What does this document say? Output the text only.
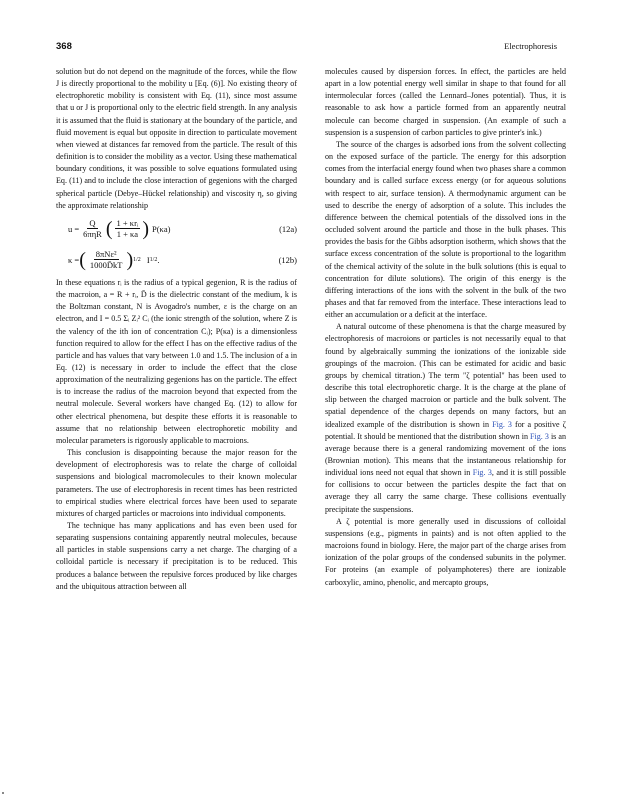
368	Electrophoresis

solution but do not depend on the magnitude of the forces, while the flow J is directly proportional to the mobility u [Eq. (6)]. No existing theory of electrophoretic mobility is consistent with Eq. (11), since most assume that u or J is proportional only to the electric field strength. In any analysis it is assumed that the fluid is stationary at the boundary of the particle, and fluid movement is equal but opposite in direction to particulate movement when viewed at distances far removed from the particle. The result of this definition is to consider the mobility as a vector. Using these mathematical boundary conditions, it was possible to solve equations formulated using Eq. (11) and to include the close interaction of gegenions with the charged spherical particle (Debye–Hückel relationship) and viscosity η, so giving the approximate relationship

$u = \frac{Q}{\text{6πηR}}$ ( $\frac{\text{1 + κrᵢ}}{1 + \kappa a}$ ) P(κa)	(12a)
κ = ( $\frac{\text{8πNε²}}{1000D̄kT}$ ) 1/2 I 1/2 .	(12b)

In these equations rᵢ is the radius of a typical gegenion, R is the radius of the macroion, a = R + rᵢ, D̄ is the dielectric constant of the medium, k is the Boltzman constant, N is Avogadro's number, ε is the charge on an electron, and I = 0.5 Σᵢ Zᵢ² Cᵢ (the ionic strength of the solution, where Z is the valency of the ith ion of concentration Cᵢ); P(κa) is a dimensionless function required to allow for the effect I has on the effective radius of the particle and has values that vary between 1.0 and 1.5. The inclusion of a in Eq. (12) is necessary in order to include the effect that the close approximation of the neutralizing gegenions has on the particle. The effect is to increase the radius of the macroion beyond that expected from the neutral molecule. Several workers have changed Eq. (12) to allow for other electrical phenomena, but despite these efforts it is reasonable to assume that no relationship between electrophoretic mobility and molecular parameters is rigorously applicable to macroions.

This conclusion is disappointing because the major reason for the development of electrophoresis was to relate the charge of colloidal suspensions and biological macromolecules to their known molecular parameters. The use of electrophoresis in recent times has been restricted to empirical studies where electrical forces have been used to separate mixtures of charged particles or macroions into individual components.

The technique has many applications and has even been used for separating suspensions containing apparently neutral molecules, because all particles in stable suspensions carry a net charge. The charging of a colloidal particle is necessary if precipitation is to be reduced. This produces a balance between the repulsive forces produced by like charges and the ubiquitous attraction between all

molecules caused by dispersion forces. In effect, the particles are held apart in a low potential energy well similar in shape to that found for all intermolecular forces (called the Lennard–Jones potential). Thus, it is reasonable to ask how a particle formed from an apparently neutral molecule can become charged in suspension. (An example of such a suspension is a suspension of carbon particles to give printer's ink.)

The source of the charges is adsorbed ions from the solvent collecting on the exposed surface of the particle. The energy for this adsorption comes from the interfacial energy found when two phases share a common boundary and is called surface excess energy (or for aqueous solutions with respect to air, surface tension). A thermodynamic argument can be used to describe the energy of adsorption of a solute. This includes the difference between the chemical potentials of the dissolved ions in the occluded solvent around the particle and those in the bulk phases. This provides the basis for the Gibbs adsorption isotherm, which shows that the surface excess concentration of the solute is proportional to the logarithm of the chemical activity of the solute in the bulk solutions (this is equal to concentration for dilute solutions). The origin of this energy is the differing interactions of the ions with the solvent in the bulk of the two phases and that far removed from the interface. These interactions lead to either an accumulation or a deficit at the interface.

A natural outcome of these phenomena is that the charge measured by electrophoresis of macroions or particles is not necessarily equal to that found by algebraically summing the ionizations of the ionizable side groupings of the macroion. (This can be estimated for acidic and basic groups by chemical titration.) The term "ζ potential" has been used to describe this total electrophoretic charge. It is the charge at the plane of slip between the charged macroion or particle and the bulk solvent. The spatial dependence of the charges depends on many factors, but an idealized example of the distribution is shown in Fig. 3 for a positive ζ potential. It should be mentioned that the distribution shown in Fig. 3 is an average because there is a general randomizing movement of the ions (Brownian motion). This means that the instantaneous relationship for individual ions need not equal that shown in Fig. 3, and it is still possible for collisions to occur between the particles despite the fact that on average they all carry the same charge. These collisions eventually precipitate the suspensions.

A ζ potential is more generally used in discussions of colloidal suspensions (e.g., pigments in paints) and is not often applied to the macroions found in biology. Here, the major part of the charge arises from ionization of the polar groups of the condensed subunits in the polymer. For proteins (an example of polyamphoteres) there are ionizable carboxylic, amino, phenolic, and mercapto groups,
